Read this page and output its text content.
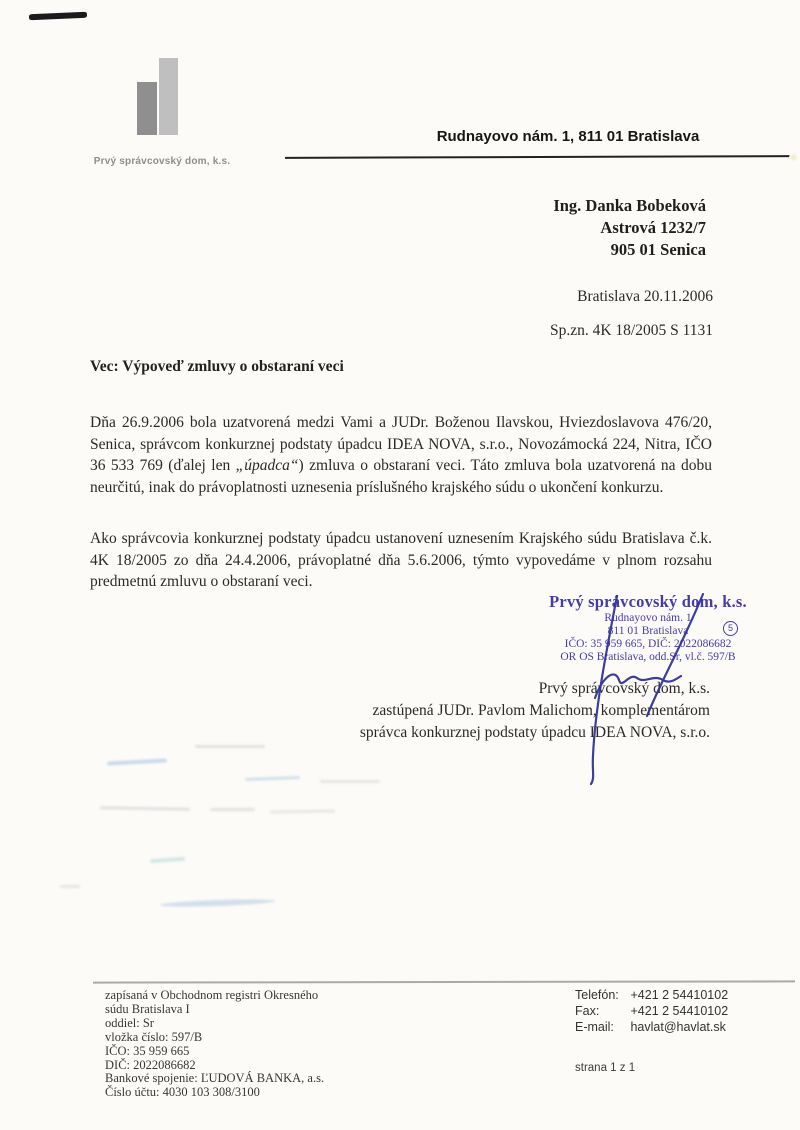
Prvý správcovský dom, k.s.
Rudnayovo nám. 1, 811 01 Bratislava
Ing. Danka Bobeková
Astrová 1232/7
905 01 Senica
Bratislava 20.11.2006
Sp.zn. 4K 18/2005 S 1131
Vec: Výpoveď zmluvy o obstaraní veci
Dňa 26.9.2006 bola uzatvorená medzi Vami a JUDr. Boženou Ilavskou, Hviezdoslavova 476/20, Senica, správcom konkurznej podstaty úpadcu IDEA NOVA, s.r.o., Novozámocká 224, Nitra, IČO 36 533 769 (ďalej len „úpadca“) zmluva o obstaraní veci. Táto zmluva bola uzatvorená na dobu neurčitú, inak do právoplatnosti uznesenia príslušného krajského súdu o ukončení konkurzu.
Ako správcovia konkurznej podstaty úpadcu ustanovení uznesením Krajského súdu Bratislava č.k. 4K 18/2005 zo dňa 24.4.2006, právoplatné dňa 5.6.2006, týmto vypovedáme v plnom rozsahu predmetnú zmluvu o obstaraní veci.
Prvý správcovský dom, k.s.
Rudnayovo nám. 1
811 01 Bratislava
IČO: 35 959 665, DIČ: 2022086682
OR OS Bratislava, odd.Sr, vl.č. 597/B
5
Prvý správcovský dom, k.s.
zastúpená JUDr. Pavlom Malichom, komplementárom
správca konkurznej podstaty úpadcu IDEA NOVA, s.r.o.
zapísaná v Obchodnom registri Okresného
súdu Bratislava I
oddiel: Sr
vložka číslo: 597/B
IČO: 35 959 665
DIČ: 2022086682
Bankové spojenie: ĽUDOVÁ BANKA, a.s.
Číslo účtu: 4030 103 308/3100
Telefón: +421 2 54410102
Fax: +421 2 54410102
E-mail: havlat@havlat.sk
strana 1 z 1
